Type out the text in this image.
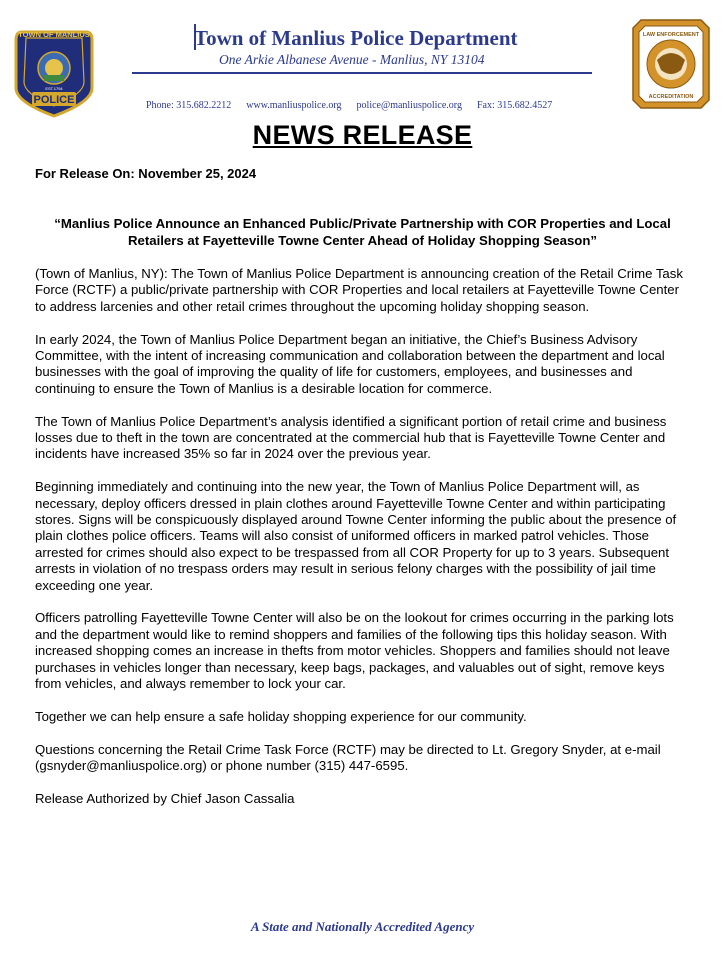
TOWN OF MANLIUS
EST.1794
POLICE
LAW ENFORCEMENT
ACCREDITATION
Town of Manlius Police Department
One Arkie Albanese Avenue - Manlius, NY 13104
Phone: 315.682.2212 www.manliuspolice.org police@manliuspolice.org Fax: 315.682.4527
NEWS RELEASE
For Release On: November 25, 2024
“Manlius Police Announce an Enhanced Public/Private Partnership with COR Properties and Local Retailers at Fayetteville Towne Center Ahead of Holiday Shopping Season”

(Town of Manlius, NY): The Town of Manlius Police Department is announcing creation of the Retail Crime Task Force (RCTF) a public/private partnership with COR Properties and local retailers at Fayetteville Towne Center to address larcenies and other retail crimes throughout the upcoming holiday shopping season.

In early 2024, the Town of Manlius Police Department began an initiative, the Chief’s Business Advisory Committee, with the intent of increasing communication and collaboration between the department and local businesses with the goal of improving the quality of life for customers, employees, and businesses and continuing to ensure the Town of Manlius is a desirable location for commerce.

The Town of Manlius Police Department’s analysis identified a significant portion of retail crime and business losses due to theft in the town are concentrated at the commercial hub that is Fayetteville Towne Center and incidents have increased 35% so far in 2024 over the previous year.

Beginning immediately and continuing into the new year, the Town of Manlius Police Department will, as necessary, deploy officers dressed in plain clothes around Fayetteville Towne Center and within participating stores. Signs will be conspicuously displayed around Towne Center informing the public about the presence of plain clothes police officers. Teams will also consist of uniformed officers in marked patrol vehicles. Those arrested for crimes should also expect to be trespassed from all COR Property for up to 3 years. Subsequent arrests in violation of no trespass orders may result in serious felony charges with the possibility of jail time exceeding one year.

Officers patrolling Fayetteville Towne Center will also be on the lookout for crimes occurring in the parking lots and the department would like to remind shoppers and families of the following tips this holiday season. With increased shopping comes an increase in thefts from motor vehicles. Shoppers and families should not leave purchases in vehicles longer than necessary, keep bags, packages, and valuables out of sight, remove keys from vehicles, and always remember to lock your car.

Together we can help ensure a safe holiday shopping experience for our community.

Questions concerning the Retail Crime Task Force (RCTF) may be directed to Lt. Gregory Snyder, at e-mail (gsnyder@manliuspolice.org) or phone number (315) 447-6595.

Release Authorized by Chief Jason Cassalia

A State and Nationally Accredited Agency
